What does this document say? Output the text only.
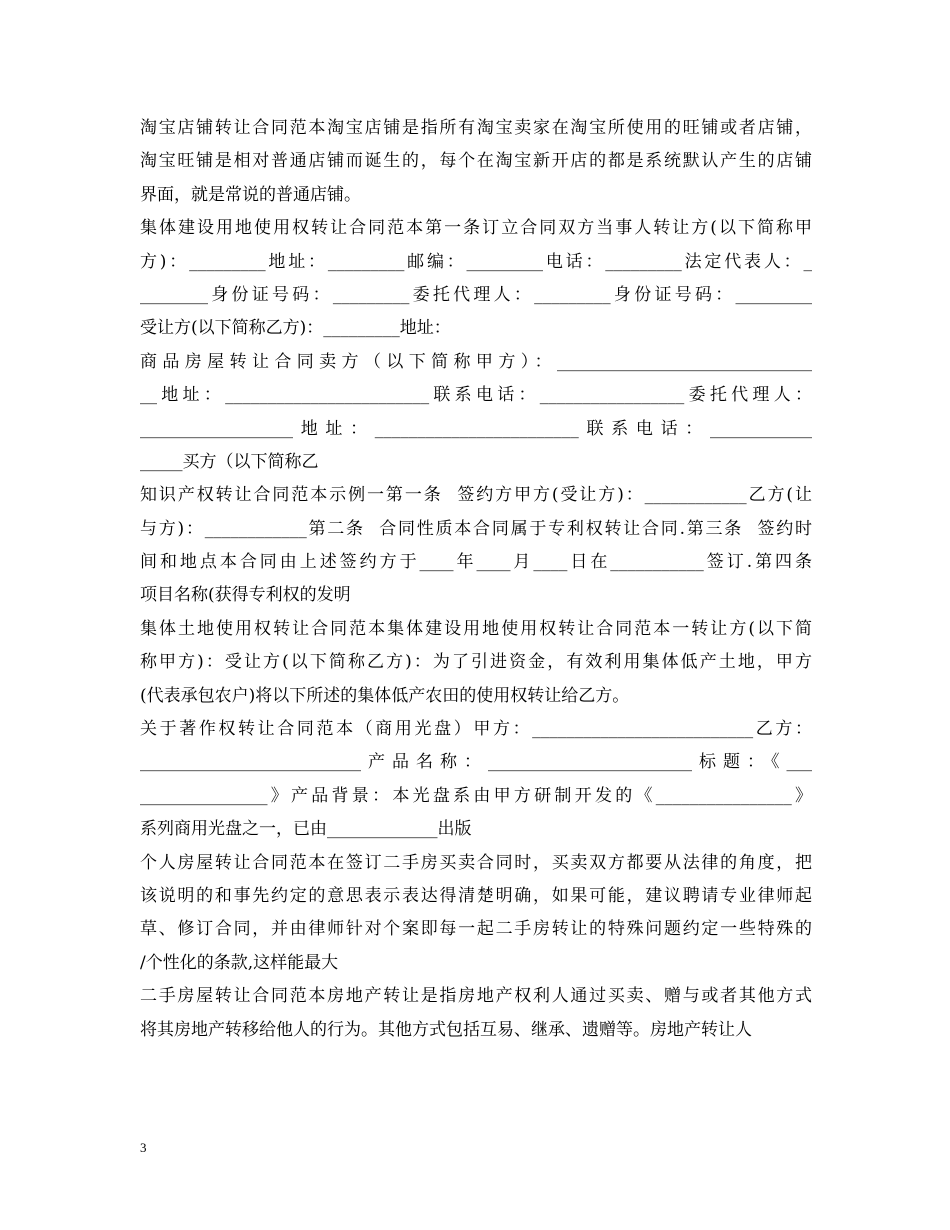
淘宝店铺转让合同范本淘宝店铺是指所有淘宝卖家在淘宝所使用的旺铺或者店铺，
淘宝旺铺是相对普通店铺而诞生的，每个在淘宝新开店的都是系统默认产生的店铺
界面，就是常说的普通店铺。
集体建设用地使用权转让合同范本第一条订立合同双方当事人转让方(以下简称甲
方)：_________地址：_________邮编：_________电话：_________法定代表人：_
________身份证号码：_________委托代理人：_________身份证号码：_________
受让方(以下简称乙方)：_________地址：
商品房屋转让合同卖方（以下简称甲方）：______________________________
__地址：________________________联系电话：_________________委托代理人：
__________________地址：________________________联系电话：____________
_____买方（以下简称乙
知识产权转让合同范本示例一第一条  签约方甲方(受让方)：____________乙方(让
与方)：____________第二条  合同性质本合同属于专利权转让合同.第三条  签约时
间和地点本合同由上述签约方于____年____月____日在___________签订.第四条
项目名称(获得专利权的发明
集体土地使用权转让合同范本集体建设用地使用权转让合同范本一转让方(以下简
称甲方)：受让方(以下简称乙方)：为了引进资金，有效利用集体低产土地，甲方
(代表承包农户)将以下所述的集体低产农田的使用权转让给乙方。
关于著作权转让合同范本（商用光盘）甲方：__________________________乙方：
__________________________产品名称：________________________标题：《___
_______________》产品背景：本光盘系由甲方研制开发的《________________》
系列商用光盘之一，已由_____________出版
个人房屋转让合同范本在签订二手房买卖合同时，买卖双方都要从法律的角度，把
该说明的和事先约定的意思表示表达得清楚明确，如果可能，建议聘请专业律师起
草、修订合同，并由律师针对个案即每一起二手房转让的特殊问题约定一些特殊的
/个性化的条款,这样能最大
二手房屋转让合同范本房地产转让是指房地产权利人通过买卖、赠与或者其他方式
将其房地产转移给他人的行为。其他方式包括互易、继承、遗赠等。房地产转让人
3
